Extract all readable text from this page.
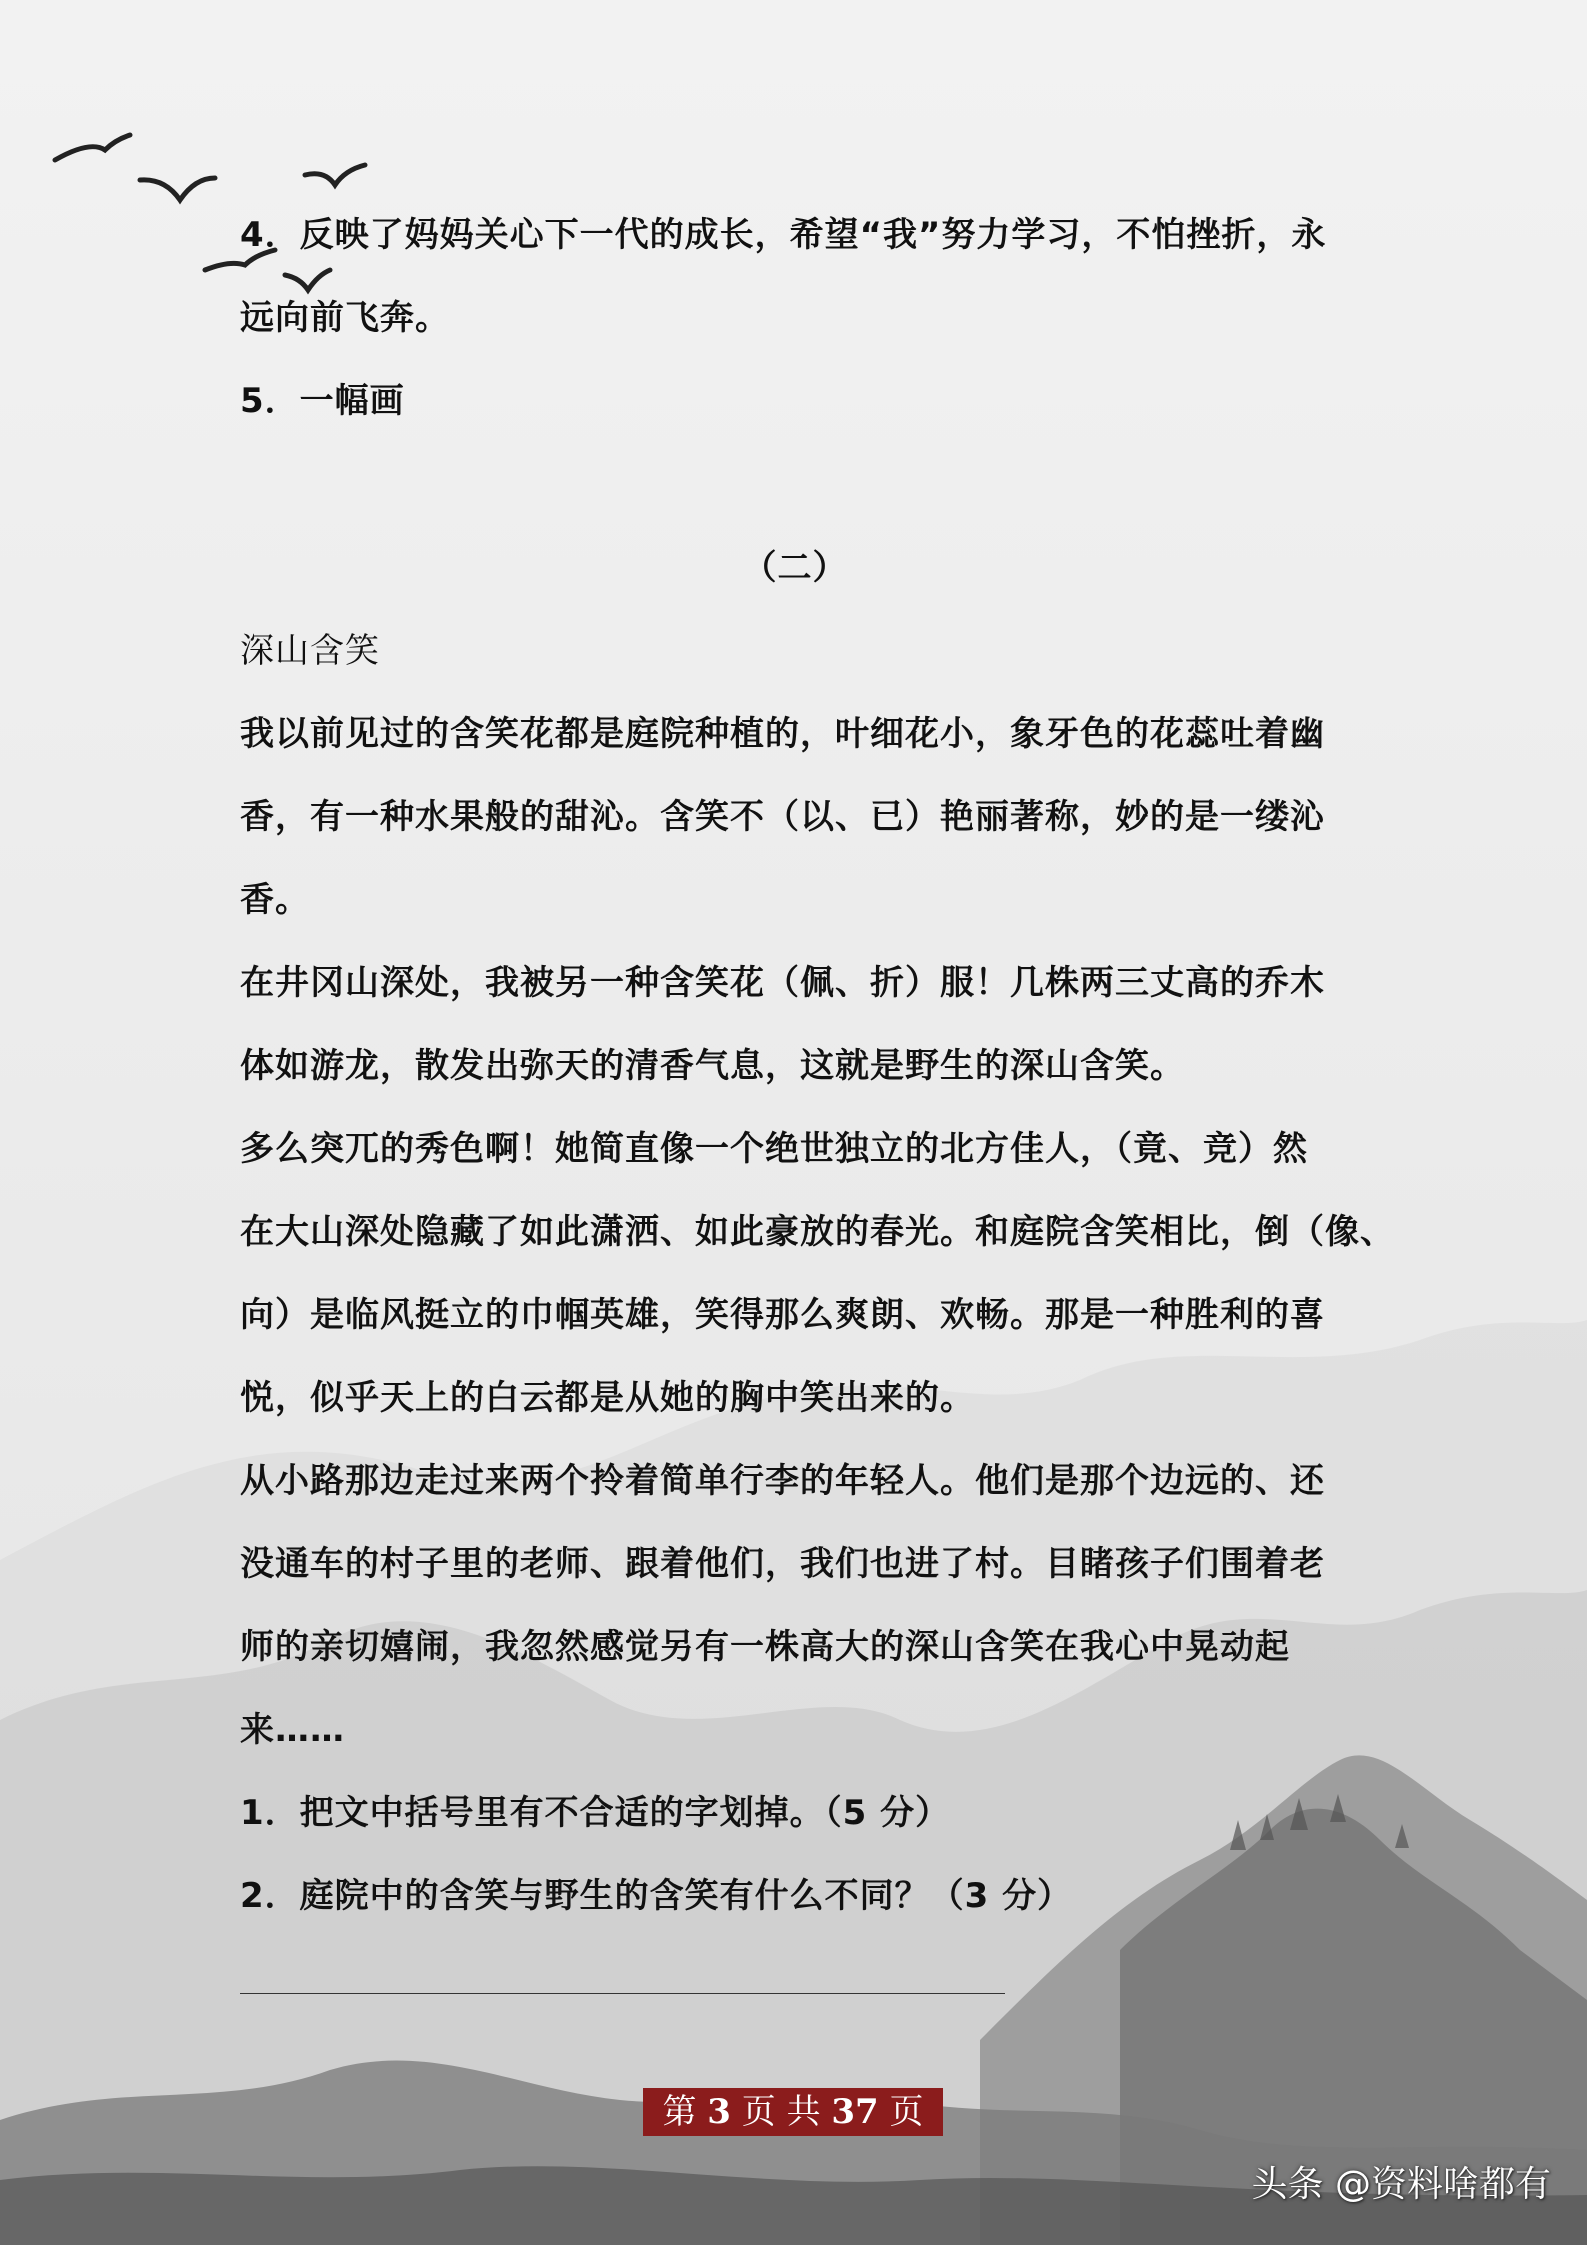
4．反映了妈妈关心下一代的成长，希望“我”努力学习，不怕挫折，永
远向前飞奔。
5．一幅画
（二）
深山含笑
我以前见过的含笑花都是庭院种植的，叶细花小，象牙色的花蕊吐着幽
香，有一种水果般的甜沁。含笑不（以、已）艳丽著称，妙的是一缕沁
香。
在井冈山深处，我被另一种含笑花（佩、折）服！几株两三丈高的乔木
体如游龙，散发出弥天的清香气息，这就是野生的深山含笑。
多么突兀的秀色啊！她简直像一个绝世独立的北方佳人，（竟、竞）然
在大山深处隐藏了如此潇洒、如此豪放的春光。和庭院含笑相比，倒（像、
向）是临风挺立的巾帼英雄，笑得那么爽朗、欢畅。那是一种胜利的喜
悦，似乎天上的白云都是从她的胸中笑出来的。
从小路那边走过来两个拎着简单行李的年轻人。他们是那个边远的、还
没通车的村子里的老师、跟着他们，我们也进了村。目睹孩子们围着老
师的亲切嬉闹，我忽然感觉另有一株高大的深山含笑在我心中晃动起
来……
1．把文中括号里有不合适的字划掉。（5 分）
2．庭院中的含笑与野生的含笑有什么不同？（3 分）
第 3 页 共 37 页
头条 @资料啥都有
